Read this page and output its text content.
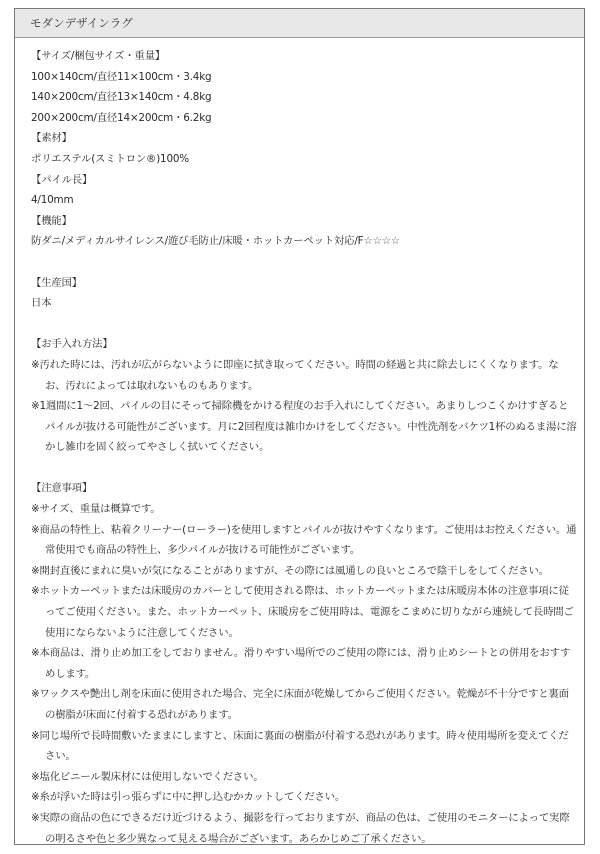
モダンデザインラグ
【サイズ/梱包サイズ・重量】
100×140cm/直径11×100cm・3.4kg
140×200cm/直径13×140cm・4.8kg
200×200cm/直径14×200cm・6.2kg
【素材】
ポリエステル(スミトロン®)100%
【パイル長】
4/10mm
【機能】
防ダニ/メディカルサイレンス/遊び毛防止/床暖・ホットカーペット対応/F☆☆☆☆
【生産国】
日本
【お手入れ方法】
※汚れた時には、汚れが広がらないように即座に拭き取ってください。時間の経過と共に除去しにくくなります。なお、汚れによっては取れないものもあります。
※1週間に1～2回、パイルの目にそって掃除機をかける程度のお手入れにしてください。あまりしつこくかけすぎるとパイルが抜ける可能性がございます。月に2回程度は雑巾かけをしてください。中性洗剤をバケツ1杯のぬるま湯に溶かし雑巾を固く絞ってやさしく拭いてください。
【注意事項】
※サイズ、重量は概算です。
※商品の特性上、粘着クリーナー(ローラー)を使用しますとパイルが抜けやすくなります。ご使用はお控えください。通常使用でも商品の特性上、多少パイルが抜ける可能性がございます。
※開封直後にまれに臭いが気になることがありますが、その際には風通しの良いところで陰干しをしてください。
※ホットカーペットまたは床暖房のカバーとして使用される際は、ホットカーペットまたは床暖房本体の注意事項に従ってご使用ください。また、ホットカーペット、床暖房をご使用時は、電源をこまめに切りながら連続して長時間ご使用にならないように注意してください。
※本商品は、滑り止め加工をしておりません。滑りやすい場所でのご使用の際には、滑り止めシートとの併用をおすすめします。
※ワックスや艶出し剤を床面に使用された場合、完全に床面が乾燥してからご使用ください。乾燥が不十分ですと裏面の樹脂が床面に付着する恐れがあります。
※同じ場所で長時間敷いたままにしますと、床面に裏面の樹脂が付着する恐れがあります。時々使用場所を変えてください。
※塩化ビニール製床材には使用しないでください。
※糸が浮いた時は引っ張らずに中に押し込むかカットしてください。
※実際の商品の色にできるだけ近づけるよう、撮影を行っておりますが、商品の色は、ご使用のモニターによって実際の明るさや色と多少異なって見える場合がございます。あらかじめご了承ください。
